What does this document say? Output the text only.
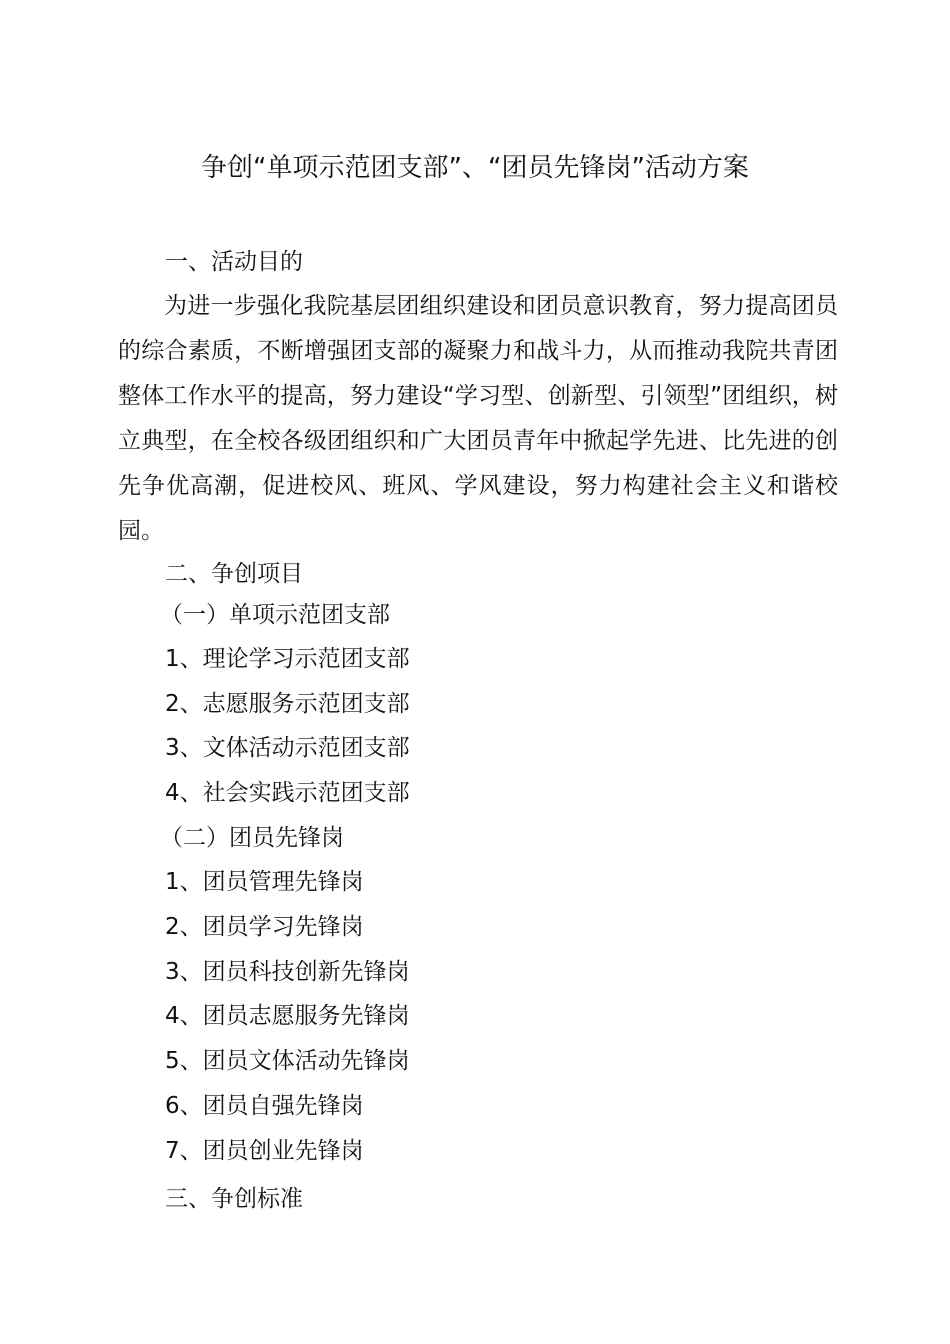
争创“单项示范团支部”、“团员先锋岗”活动方案
一、活动目的
为进一步强化我院基层团组织建设和团员意识教育，努力提高团员的综合素质，不断增强团支部的凝聚力和战斗力，从而推动我院共青团整体工作水平的提高，努力建设“学习型、创新型、引领型”团组织，树立典型，在全校各级团组织和广大团员青年中掀起学先进、比先进的创先争优高潮，促进校风、班风、学风建设，努力构建社会主义和谐校园。
二、争创项目
（一）单项示范团支部
1、理论学习示范团支部
2、志愿服务示范团支部
3、文体活动示范团支部
4、社会实践示范团支部
（二）团员先锋岗
1、团员管理先锋岗
2、团员学习先锋岗
3、团员科技创新先锋岗
4、团员志愿服务先锋岗
5、团员文体活动先锋岗
6、团员自强先锋岗
7、团员创业先锋岗
三、争创标准
